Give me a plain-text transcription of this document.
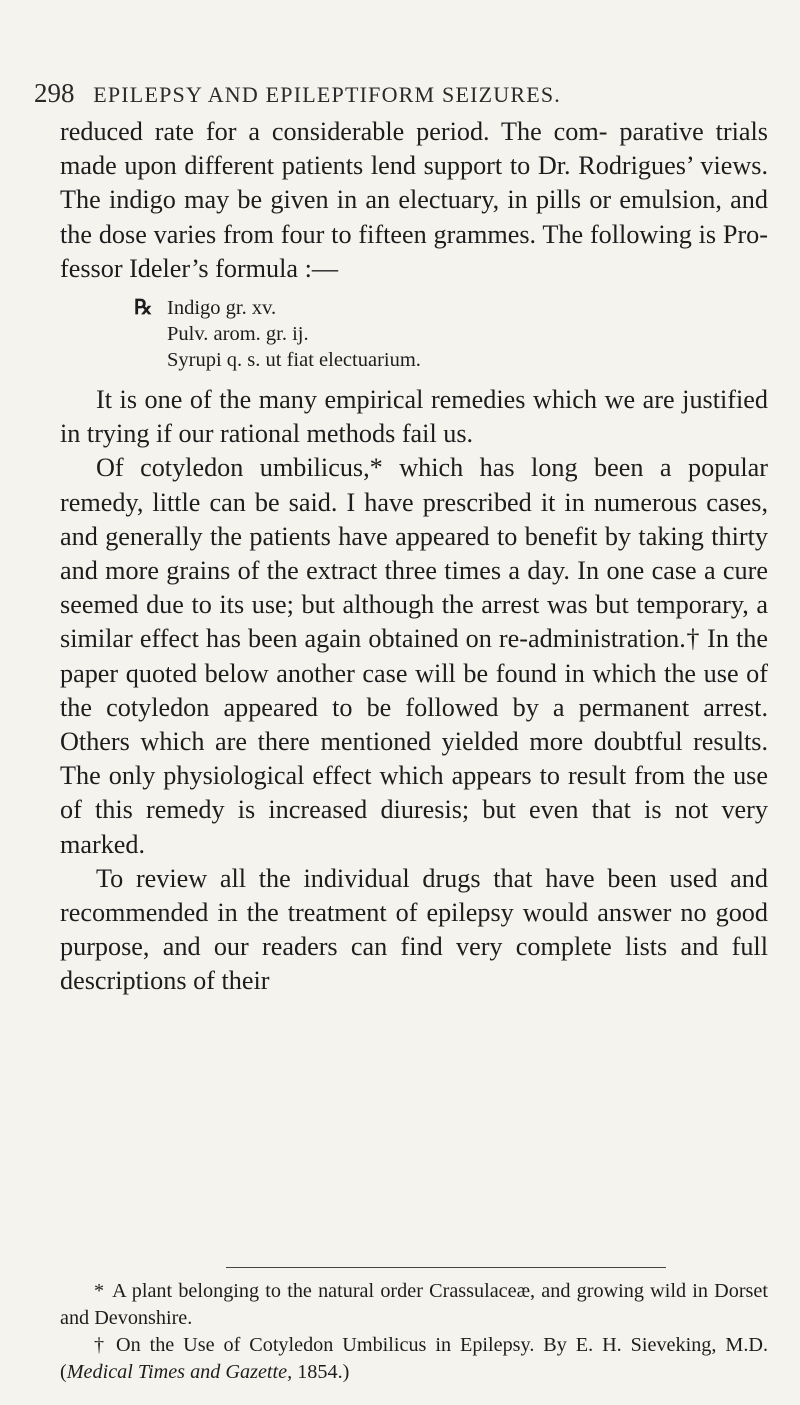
298 EPILEPSY AND EPILEPTIFORM SEIZURES.

reduced rate for a considerable period. The com- parative trials made upon different patients lend support to Dr. Rodrigues’ views. The indigo may be given in an electuary, in pills or emulsion, and the dose varies from four to fifteen grammes. The following is Pro- fessor Ideler’s formula :—

℞ Indigo gr. xv.
Pulv. arom. gr. ij.
Syrupi q. s. ut fiat electuarium.

It is one of the many empirical remedies which we are justified in trying if our rational methods fail us.

Of cotyledon umbilicus,* which has long been a popular remedy, little can be said. I have prescribed it in numerous cases, and generally the patients have appeared to benefit by taking thirty and more grains of the extract three times a day. In one case a cure seemed due to its use; but although the arrest was but temporary, a similar effect has been again obtained on re-administration.† In the paper quoted below another case will be found in which the use of the cotyledon appeared to be followed by a permanent arrest. Others which are there mentioned yielded more doubtful results. The only physiological effect which appears to result from the use of this remedy is increased diuresis; but even that is not very marked.

To review all the individual drugs that have been used and recommended in the treatment of epilepsy would answer no good purpose, and our readers can find very complete lists and full descriptions of their

* A plant belonging to the natural order Crassulaceæ, and growing wild in Dorset and Devonshire.

† On the Use of Cotyledon Umbilicus in Epilepsy. By E. H. Sieveking, M.D. (Medical Times and Gazette, 1854.)
